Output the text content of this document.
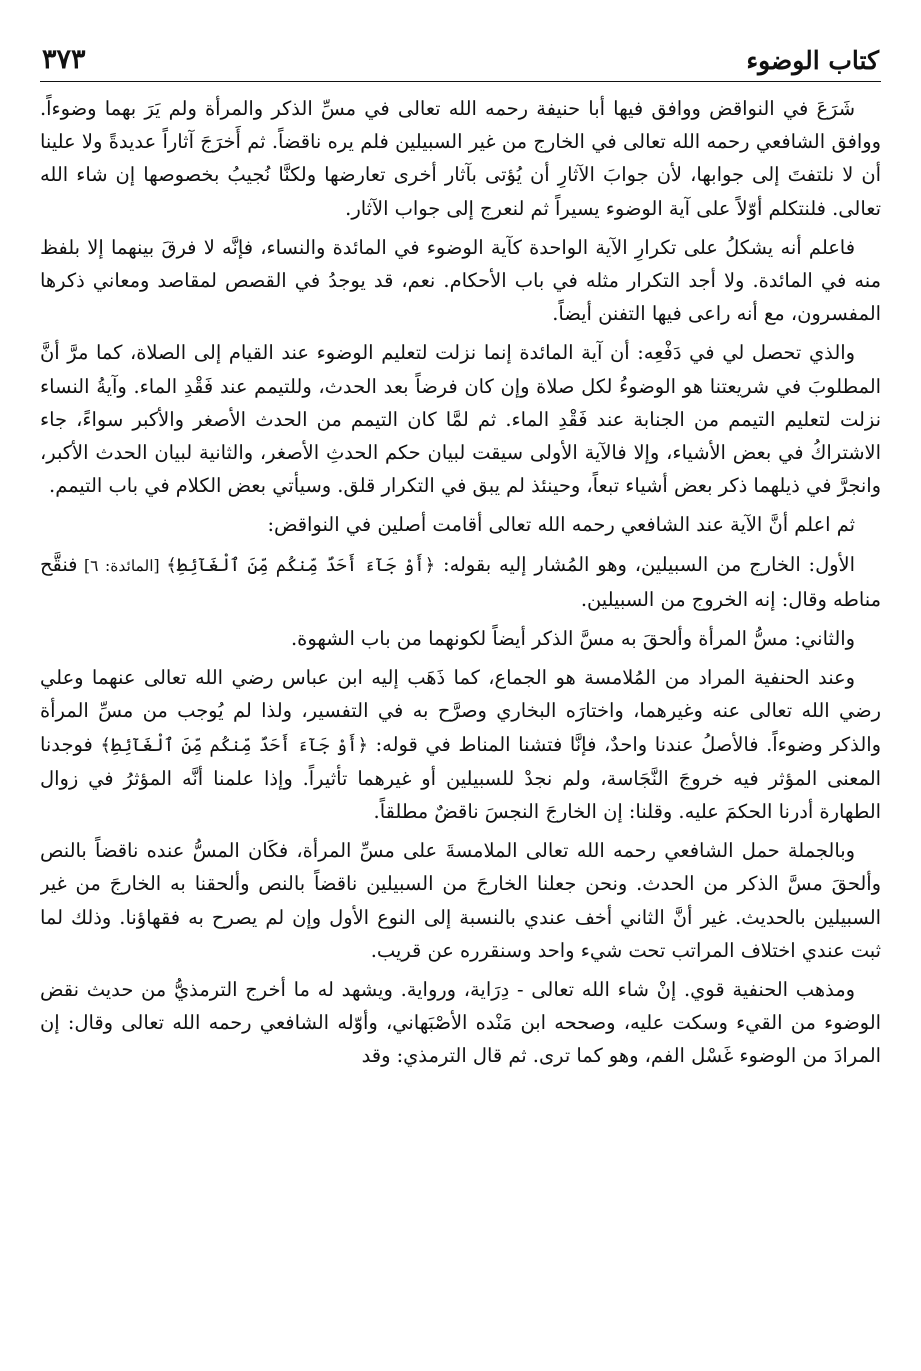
كتاب الوضوء
٣٧٣

شَرَعَ في النواقض ووافق فيها أبا حنيفة رحمه الله تعالى في مسِّ الذكر والمرأة ولم يَرَ بهما وضوءاً. ووافق الشافعي رحمه الله تعالى في الخارج من غير السبيلين فلم يره ناقضاً. ثم أَخرَجَ آثاراً عديدةً ولا علينا أن لا نلتفتَ إلى جوابها، لأن جوابَ الآثارِ أن يُؤتى بآثار أخرى تعارضها ولكنَّا نُجيبُ بخصوصها إن شاء الله تعالى. فلنتكلم أوّلاً على آية الوضوء يسيراً ثم لنعرج إلى جواب الآثار.

فاعلم أنه يشكلُ على تكرارِ الآية الواحدة كآية الوضوء في المائدة والنساء، فإنَّه لا فرقَ بينهما إلا بلفظ منه في المائدة. ولا أجد التكرار مثله في باب الأحكام. نعم، قد يوجدُ في القصص لمقاصد ومعاني ذكرها المفسرون، مع أنه راعى فيها التفنن أيضاً.

والذي تحصل لي في دَفْعِه: أن آية المائدة إنما نزلت لتعليم الوضوء عند القيام إلى الصلاة، كما مرَّ أنَّ المطلوبَ في شريعتنا هو الوضوءُ لكل صلاة وإن كان فرضاً بعد الحدث، وللتيمم عند فَقْدِ الماء. وآيةُ النساء نزلت لتعليم التيمم من الجنابة عند فَقْدِ الماء. ثم لمَّا كان التيمم من الحدث الأصغر والأكبر سواءً، جاء الاشتراكُ في بعض الأشياء، وإلا فالآية الأولى سيقت لبيان حكم الحدثِ الأصغر، والثانية لبيان الحدث الأكبر، وانجرَّ في ذيلهما ذكر بعض أشياء تبعاً، وحينئذ لم يبق في التكرار قلق. وسيأتي بعض الكلام في باب التيمم.

ثم اعلم أنَّ الآية عند الشافعي رحمه الله تعالى أقامت أصلين في النواقض:

الأول: الخارج من السبيلين، وهو المُشار إليه بقوله: ﴿أَوْ جَآءَ أَحَدٌ مِّنكُم مِّنَ ٱلْغَآئِطِ﴾ [المائدة: ٦] فنقَّح مناطه وقال: إنه الخروج من السبيلين.

والثاني: مسُّ المرأة وألحقَ به مسَّ الذكر أيضاً لكونهما من باب الشهوة.

وعند الحنفية المراد من المُلامسة هو الجماع، كما ذَهَب إليه ابن عباس رضي الله تعالى عنهما وعلي رضي الله تعالى عنه وغيرهما، واختارَه البخاري وصرَّح به في التفسير، ولذا لم يُوجب من مسِّ المرأة والذكر وضوءاً. فالأصلُ عندنا واحدٌ، فإنَّا فتشنا المناط في قوله: ﴿أَوْ جَآءَ أَحَدٌ مِّنكُم مِّنَ ٱلْغَآئِطِ﴾ فوجدنا المعنى المؤثر فيه خروجَ النَّجَاسة، ولم نجدْ للسبيلين أو غيرهما تأثيراً. وإذا علمنا أنَّه المؤثرُ في زوال الطهارة أدرنا الحكمَ عليه. وقلنا: إن الخارجَ النجسَ ناقضٌ مطلقاً.

وبالجملة حمل الشافعي رحمه الله تعالى الملامسةَ على مسِّ المرأة، فكَان المسُّ عنده ناقضاً بالنص وألحقَ مسَّ الذكر من الحدث. ونحن جعلنا الخارجَ من السبيلين ناقضاً بالنص وألحقنا به الخارجَ من غير السبيلين بالحديث. غير أنَّ الثاني أخف عندي بالنسبة إلى النوع الأول وإن لم يصرح به فقهاؤنا. وذلك لما ثبت عندي اختلاف المراتب تحت شيء واحد وسنقرره عن قريب.

ومذهب الحنفية قوي. إنْ شاء الله تعالى - دِرَاية، ورواية. ويشهد له ما أخرج الترمذيُّ من حديث نقض الوضوء من القيء وسكت عليه، وصححه ابن مَنْده الأصْبَهاني، وأوّله الشافعي رحمه الله تعالى وقال: إن المرادَ من الوضوء غَسْل الفم، وهو كما ترى. ثم قال الترمذي: وقد
